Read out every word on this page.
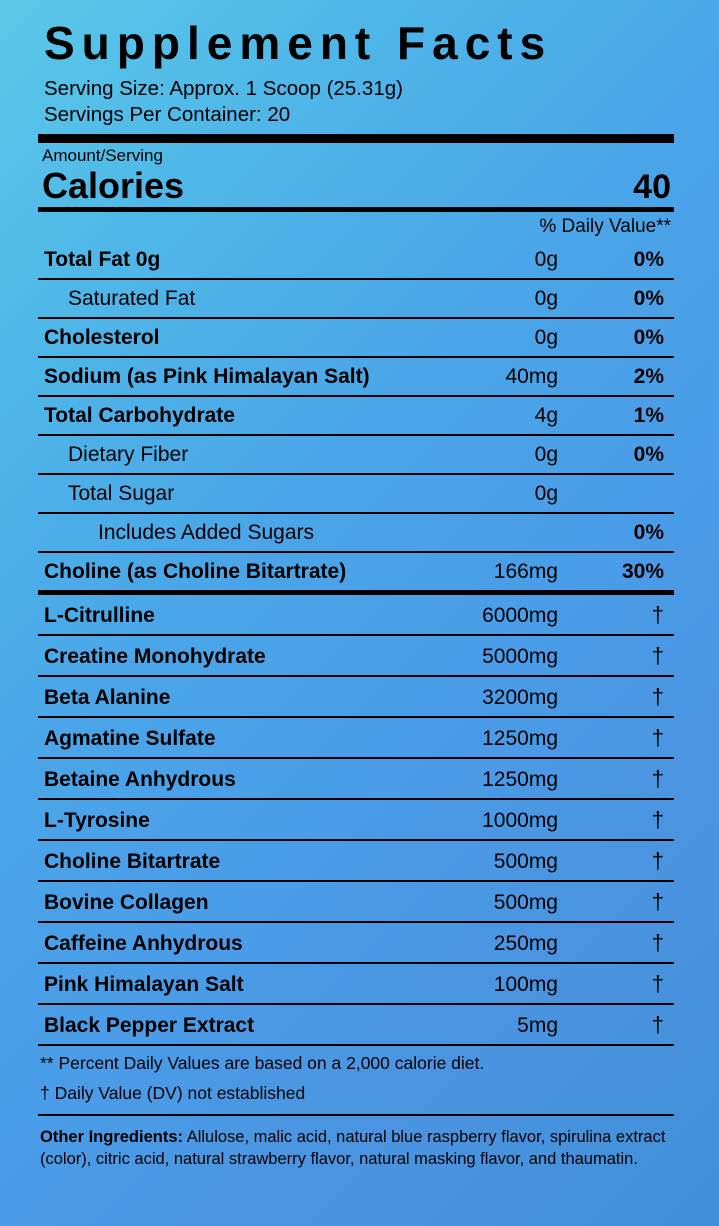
Supplement Facts
Serving Size: Approx. 1 Scoop (25.31g)
Servings Per Container: 20
Amount/Serving
Calories	40
% Daily Value**
Total Fat 0g	0g	0%
Saturated Fat	0g	0%
Cholesterol	0g	0%
Sodium (as Pink Himalayan Salt)	40mg	2%
Total Carbohydrate	4g	1%
Dietary Fiber	0g	0%
Total Sugar	0g	
Includes Added Sugars		0%
Choline (as Choline Bitartrate)	166mg	30%
L-Citrulline	6000mg	†
Creatine Monohydrate	5000mg	†
Beta Alanine	3200mg	†
Agmatine Sulfate	1250mg	†
Betaine Anhydrous	1250mg	†
L-Tyrosine	1000mg	†
Choline Bitartrate	500mg	†
Bovine Collagen	500mg	†
Caffeine Anhydrous	250mg	†
Pink Himalayan Salt	100mg	†
Black Pepper Extract	5mg	†
** Percent Daily Values are based on a 2,000 calorie diet.
† Daily Value (DV) not established
Other Ingredients: Allulose, malic acid, natural blue raspberry flavor, spirulina extract (color), citric acid, natural strawberry flavor, natural masking flavor, and thaumatin.
